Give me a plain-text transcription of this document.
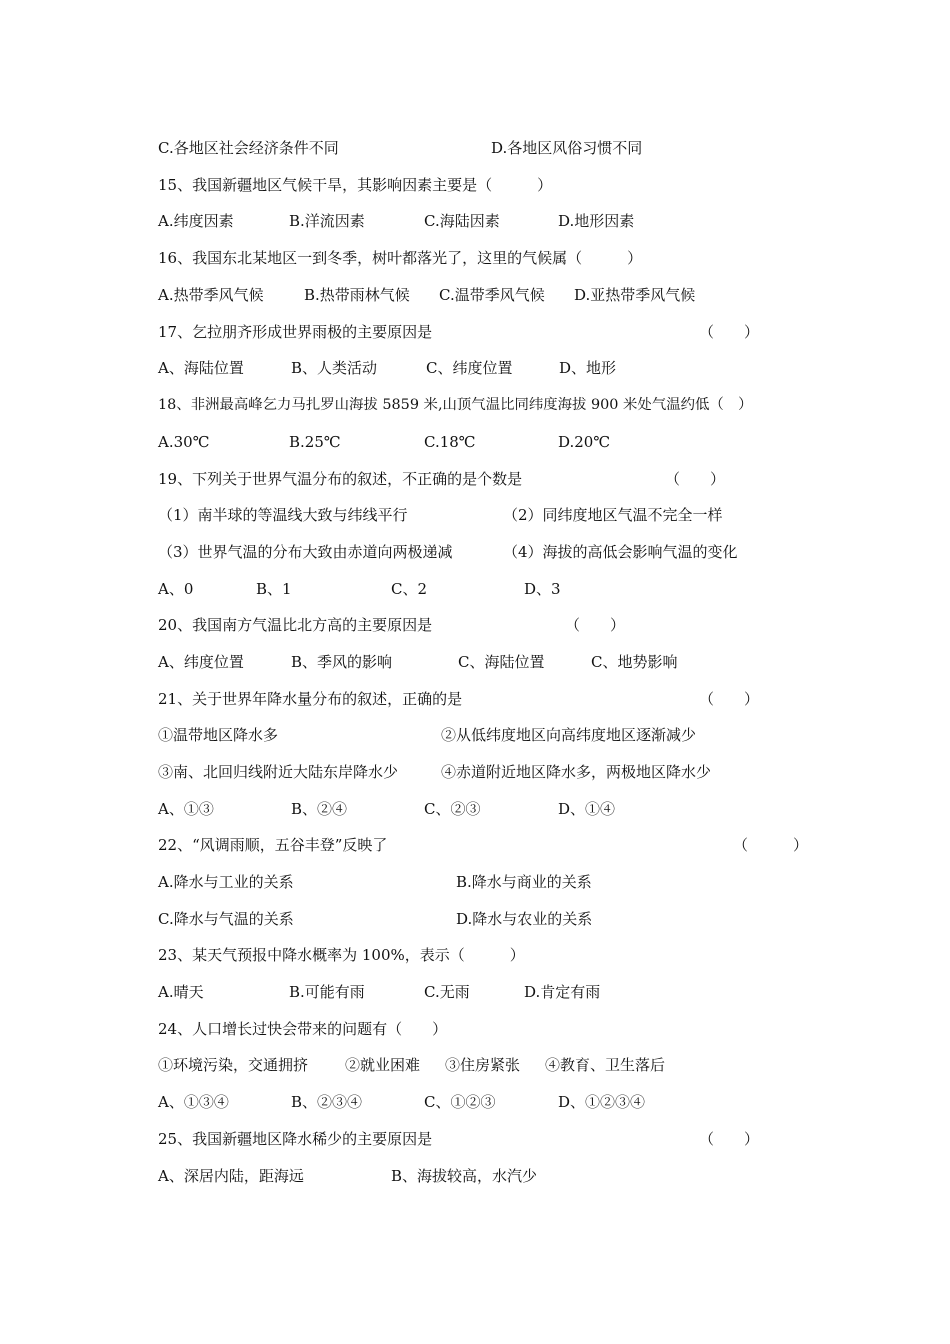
C.各地区社会经济条件不同

	D.各地区风俗习惯不同

15、我国新疆地区气候干旱，其影响因素主要是（　　　）

A.纬度因素

	B.洋流因素

	C.海陆因素

	D.地形因素

16、我国东北某地区一到冬季，树叶都落光了，这里的气候属（　　　）

A.热带季风气候

	B.热带雨林气候

C.温带季风气候

D.亚热带季风气候

17、乞拉朋齐形成世界雨极的主要原因是

	（　　）

A、海陆位置

	B、人类活动

	C、纬度位置

	D、地形

18、非洲最高峰乞力马扎罗山海拔 5859 米,山顶气温比同纬度海拔 900 米处气温约低（　）

A.30℃

	B.25℃

	C.18℃

	D.20℃

19、下列关于世界气温分布的叙述，不正确的是个数是

	（　　）

（1）南半球的等温线大致与纬线平行

	（2）同纬度地区气温不完全一样

（3）世界气温的分布大致由赤道向两极递减

	（4）海拔的高低会影响气温的变化

A、0

	B、1

	C、2

	D、3

20、我国南方气温比北方高的主要原因是

	（　　）

A、纬度位置

	B、季风的影响

	C、海陆位置

	C、地势影响

21、关于世界年降水量分布的叙述，正确的是

	（　　）

①温带地区降水多

	②从低纬度地区向高纬度地区逐渐减少

③南、北回归线附近大陆东岸降水少

	④赤道附近地区降水多，两极地区降水少

A、①③

	B、②④

	C、②③

	D、①④

22、“风调雨顺，五谷丰登”反映了

	（　　　）

A.降水与工业的关系

	B.降水与商业的关系

C.降水与气温的关系

	D.降水与农业的关系

23、某天气预报中降水概率为 100%，表示（　　　）

A.晴天

	B.可能有雨

	C.无雨

	D.肯定有雨

24、人口增长过快会带来的问题有（　　）

①环境污染，交通拥挤

②就业困难

③住房紧张

④教育、卫生落后

A、①③④

	B、②③④

	C、①②③

	D、①②③④

25、我国新疆地区降水稀少的主要原因是

	（　　）

A、深居内陆，距海远

	B、海拔较高，水汽少
